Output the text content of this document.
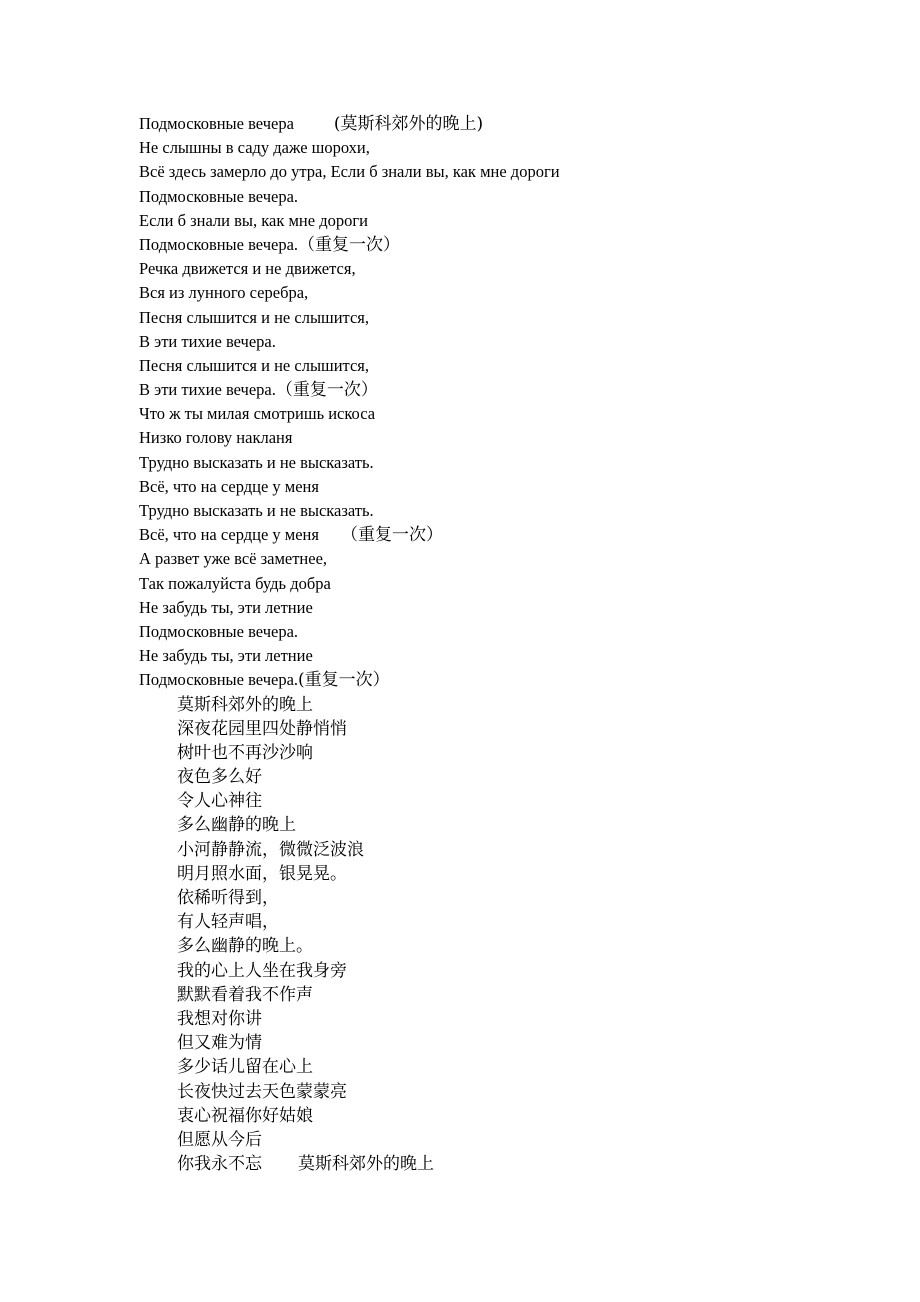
Подмосковные вечера (莫斯科郊外的晚上)
Не слышны в саду даже шорохи,
Всё здесь замерло до утра, Если б знали вы, как мне дороги
Подмосковные вечера.
Если б знали вы, как мне дороги
Подмосковные вечера.（重复一次）
Речка движется и не движется,
Вся из лунного серебра,
Песня слышится и не слышится,
В эти тихие вечера.
Песня слышится и не слышится,
В эти тихие вечера.（重复一次）
Что ж ты милая смотришь искоса
Низко голову накланя
Трудно высказать и не высказать.
Всё, что на сердце у меня
Трудно высказать и не высказать.
Всё, что на сердце у меня （重复一次）
А развет уже всё заметнее,
Так пожалуйста будь добра
Не забудь ты, эти летние
Подмосковные вечера.
Не забудь ты, эти летние
Подмосковные вечера.(重复一次）
莫斯科郊外的晚上
深夜花园里四处静悄悄
树叶也不再沙沙响
夜色多么好
令人心神往
多么幽静的晚上
小河静静流，微微泛波浪
明月照水面，银晃晃。
依稀听得到，
有人轻声唱，
多么幽静的晚上。
我的心上人坐在我身旁
默默看着我不作声
我想对你讲
但又难为情
多少话儿留在心上
长夜快过去天色蒙蒙亮
衷心祝福你好姑娘
但愿从今后
你我永不忘 莫斯科郊外的晚上
